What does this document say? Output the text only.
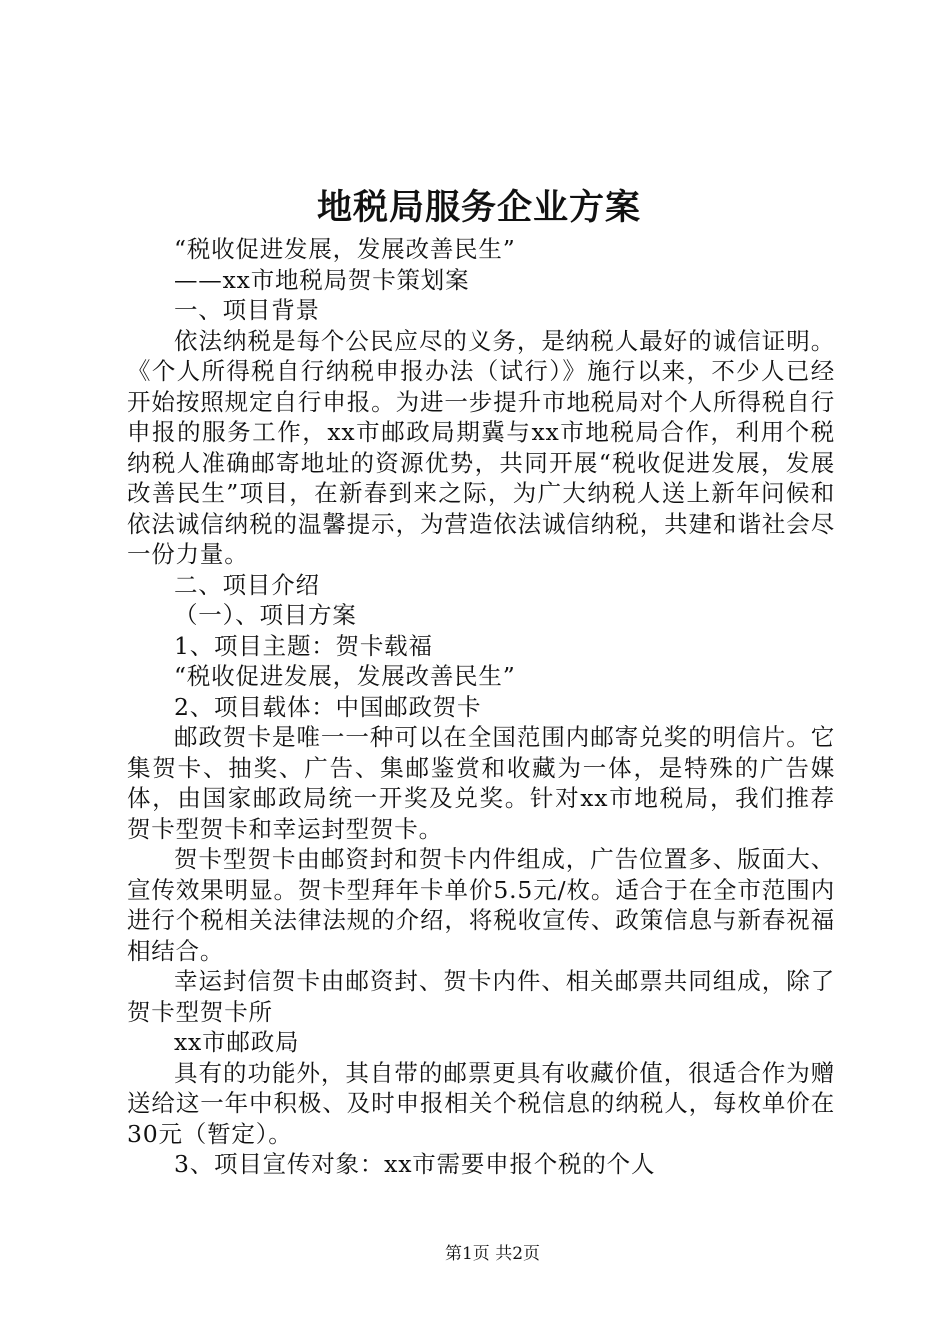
地税局服务企业方案

“税收促进发展，发展改善民生”

——xx市地税局贺卡策划案

一、项目背景

依法纳税是每个公民应尽的义务，是纳税人最好的诚信证明。《个人所得税自行纳税申报办法（试行）》施行以来，不少人已经开始按照规定自行申报。为进一步提升市地税局对个人所得税自行申报的服务工作，xx市邮政局期冀与xx市地税局合作，利用个税纳税人准确邮寄地址的资源优势，共同开展“税收促进发展，发展改善民生”项目，在新春到来之际，为广大纳税人送上新年问候和依法诚信纳税的温馨提示，为营造依法诚信纳税，共建和谐社会尽一份力量。

二、项目介绍

（一）、项目方案

1、项目主题：贺卡载福

“税收促进发展，发展改善民生”

2、项目载体：中国邮政贺卡

邮政贺卡是唯一一种可以在全国范围内邮寄兑奖的明信片。它集贺卡、抽奖、广告、集邮鉴赏和收藏为一体，是特殊的广告媒体，由国家邮政局统一开奖及兑奖。针对xx市地税局，我们推荐贺卡型贺卡和幸运封型贺卡。

贺卡型贺卡由邮资封和贺卡内件组成，广告位置多、版面大、宣传效果明显。贺卡型拜年卡单价5.5元/枚。适合于在全市范围内进行个税相关法律法规的介绍，将税收宣传、政策信息与新春祝福相结合。

幸运封信贺卡由邮资封、贺卡内件、相关邮票共同组成，除了贺卡型贺卡所

xx市邮政局

具有的功能外，其自带的邮票更具有收藏价值，很适合作为赠送给这一年中积极、及时申报相关个税信息的纳税人，每枚单价在30元（暂定）。

3、项目宣传对象：xx市需要申报个税的个人

第1页 共2页
